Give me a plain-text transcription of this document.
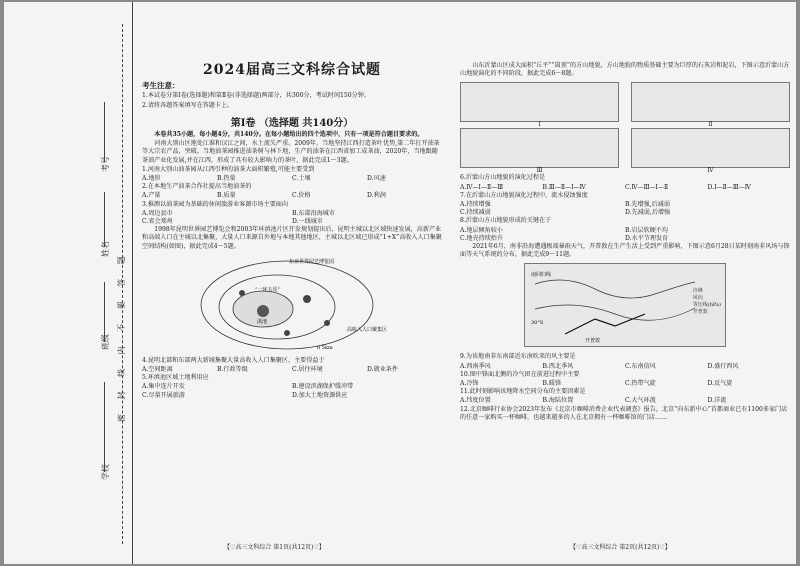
考号
姓名
班级
学校
密 封 线 内 不 要 答 题
2024届高三文科综合试题
考生注意：

1.本试卷分第Ⅰ卷(选择题)和第Ⅱ卷(非选择题)两部分，共300分，考试时间150分钟。

2.请将各题答案填写在答题卡上。

第Ⅰ卷 （选择题 共140分）

本卷共35小题，每小题4分，共140分。在每小题给出的四个选项中，只有一项是符合题目要求的。

河南大别山区地处江淮和汉江之间，水土流失严重。2009年，当地坚持江西打造茶叶优势,第二年打开油茶等大宗农产品，突破。当地油茶园推进油茶树与林下地，生产的油茶在江西省加工成茶油，2020年，当地跟随茶油产业化发展,并在江西，形成了具有较大影响力的茶叶，据此完成1～3题。

1.河南大别山油茶园从江西引种的油茶大面积繁殖,可能主要受到

A.地形	B.热量	C.土壤	D.风速

2.在本地生产油茶合作社提高当地油茶的

A.产量	B.质量	C.价格	D.利润

3.推测以油茶园为基础的休闲旅游业客源市场主要面向

A.周边县市	B.东部沿海城市
C.省会郑州	D.一线城市

1998年昆明世界园艺博览会和2003年环滇池片区开发规划提出后，昆明主城以北区域快速发展，高新产业和高端人口在主城以北集聚，大量人口来源自外地与本地其他地区，主城以北区域已形成“1+X”高收入人口集聚空间结构(如图)，据此完成4～5题。

东亚世界园艺博览园
“一环五星”
滇池
高收入人口聚集区
0 5km

4.昆明北部和东部两大新城集聚大量高收入人口集聚区，主要得益于

A.空间距离	B.行政等级	C.居住环境	D.就业条件

5.环滇池区域土地利用应

A.集中连片开发	B.建设滨湖保护缓冲带
C.尽量开展旅游	D.加大土地资源供应
【♡高三文科综合 第1页(共12页)♡】

山东沂蒙山区成大面积“丘平”“崮顶”的方山地貌，方山地貌的物质基础主要为巨厚的石灰岩和泥岩，下图示意沂蒙山方山地貌演化的不同阶段，据此完成6～8题。

Ⅰ	Ⅱ
Ⅲ	Ⅳ

6.沂蒙山方山地貌的演化过程是

A.Ⅳ—Ⅰ—Ⅱ—Ⅲ	B.Ⅲ—Ⅱ—Ⅰ—Ⅳ	C.Ⅳ—Ⅲ—Ⅰ—Ⅱ	D.Ⅰ—Ⅱ—Ⅲ—Ⅳ

7.在沂蒙山方山地貌演化过程中，流水侵蚀强度

A.持续增强	B.先增强,后减弱
C.持续减弱	D.先减弱,后增强

8.沂蒙山方山地貌形成的关键在于

A.地层倾角较小	B.岩层软硬不均
C.地壳持续抬升	D.水平节理发育

2021年6月，南非沿海遭遇极端暴雨天气，开普敦在生产生活上受到严重影响，下图示意6月28日某时刻南非风场与锋面等天气系统的分布，据此完成9～11题。

南回归线
30°S
开普敦
冷锋
风向
等压线(hPa)
开普敦

9.为该地南非东南部近东南吹来的风主要是

A.西南季风	B.西北季风	C.东南信风	D.盛行西风

10.图中锋面北侧的冷气团在前进过程中主要

A.冷锋	B.暖锋	C.热带气旋	D.反气旋

11.此时刻影响该地降水空间分布的主要因素是

A.纬度位置	B.海陆位置	C.大气环流	D.洋流

12.北京咖啡行业协会2023年发布《北京市咖啡消费企业代表调查》报告，北京“向东新中心”首都商业已有1100多家门店的任意一家购买一杯咖啡，也越来越多的人在北京拥有一杯咖啡馆的门店……

【♡高三文科综合 第2页(共12页)♡】
